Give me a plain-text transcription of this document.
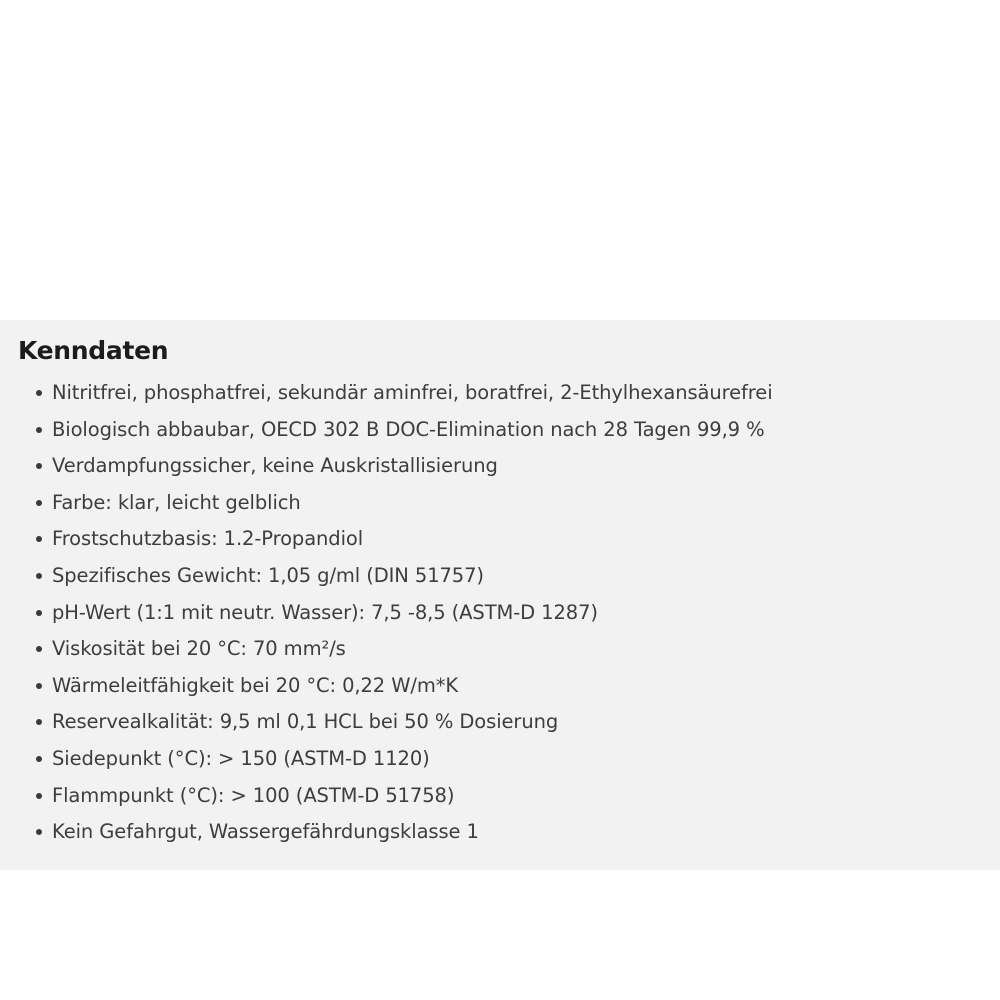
Kenndaten
Nitritfrei, phosphatfrei, sekundär aminfrei, boratfrei, 2-Ethylhexansäurefrei
Biologisch abbaubar, OECD 302 B DOC-Elimination nach 28 Tagen 99,9 %
Verdampfungssicher, keine Auskristallisierung
Farbe: klar, leicht gelblich
Frostschutzbasis: 1.2-Propandiol
Spezifisches Gewicht: 1,05 g/ml (DIN 51757)
pH-Wert (1:1 mit neutr. Wasser): 7,5 -8,5 (ASTM-D 1287)
Viskosität bei 20 °C: 70 mm²/s
Wärmeleitfähigkeit bei 20 °C: 0,22 W/m*K
Reservealkalität: 9,5 ml 0,1 HCL bei 50 % Dosierung
Siedepunkt (°C): > 150 (ASTM-D 1120)
Flammpunkt (°C): > 100 (ASTM-D 51758)
Kein Gefahrgut, Wassergefährdungsklasse 1
